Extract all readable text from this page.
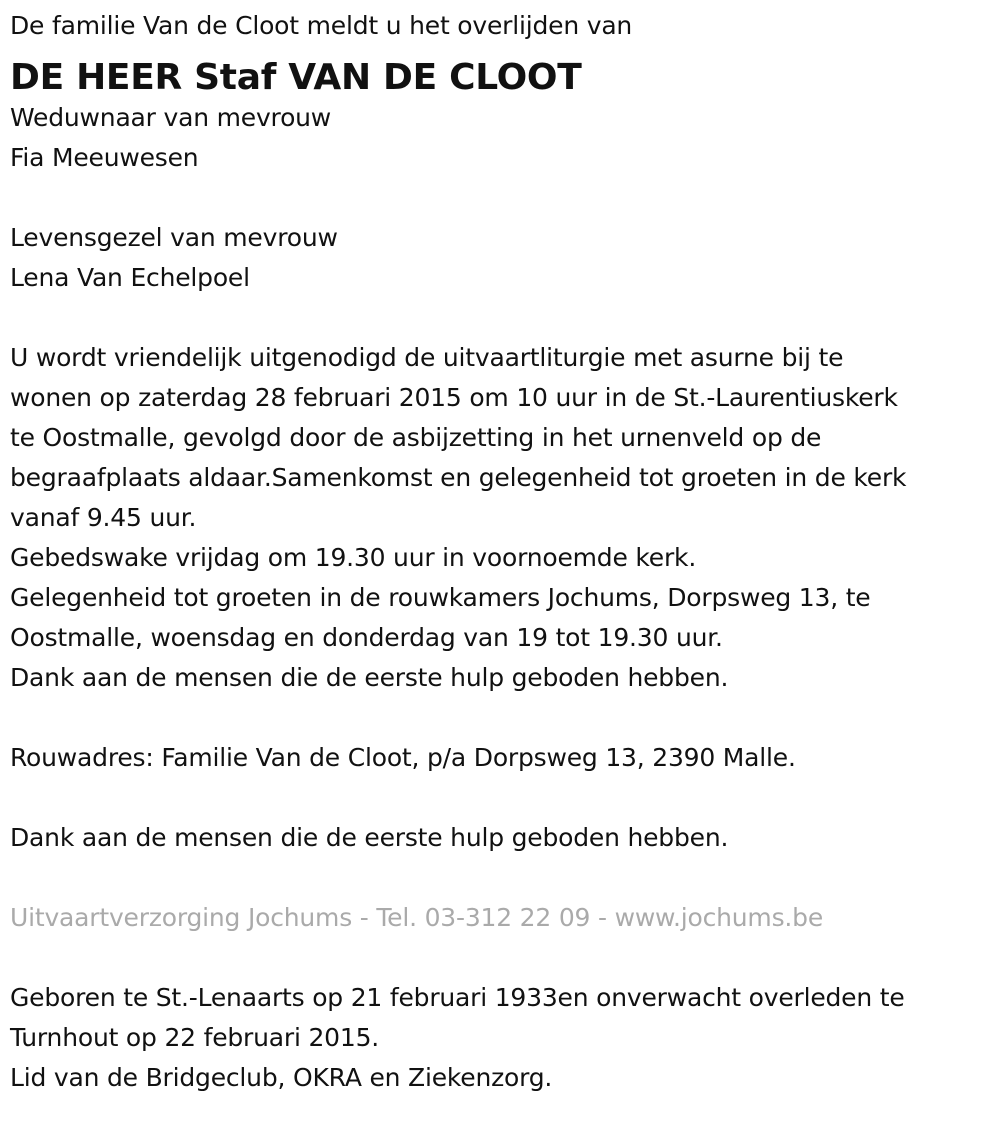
De familie Van de Cloot meldt u het overlijden van
DE HEER Staf VAN DE CLOOT
Weduwnaar van mevrouw
Fia Meeuwesen
Levensgezel van mevrouw
Lena Van Echelpoel
U wordt vriendelijk uitgenodigd de uitvaartliturgie met asurne bij te
wonen op zaterdag 28 februari 2015 om 10 uur in de St.-Laurentiuskerk
te Oostmalle, gevolgd door de asbijzetting in het urnenveld op de
begraafplaats aldaar.Samenkomst en gelegenheid tot groeten in de kerk
vanaf 9.45 uur.
Gebedswake vrijdag om 19.30 uur in voornoemde kerk.
Gelegenheid tot groeten in de rouwkamers Jochums, Dorpsweg 13, te
Oostmalle, woensdag en donderdag van 19 tot 19.30 uur.
Dank aan de mensen die de eerste hulp geboden hebben.
Rouwadres: Familie Van de Cloot, p/a Dorpsweg 13, 2390 Malle.
Dank aan de mensen die de eerste hulp geboden hebben.
Uitvaartverzorging Jochums - Tel. 03-312 22 09 - www.jochums.be
Geboren te St.-Lenaarts op 21 februari 1933en onverwacht overleden te
Turnhout op 22 februari 2015.
Lid van de Bridgeclub, OKRA en Ziekenzorg.
